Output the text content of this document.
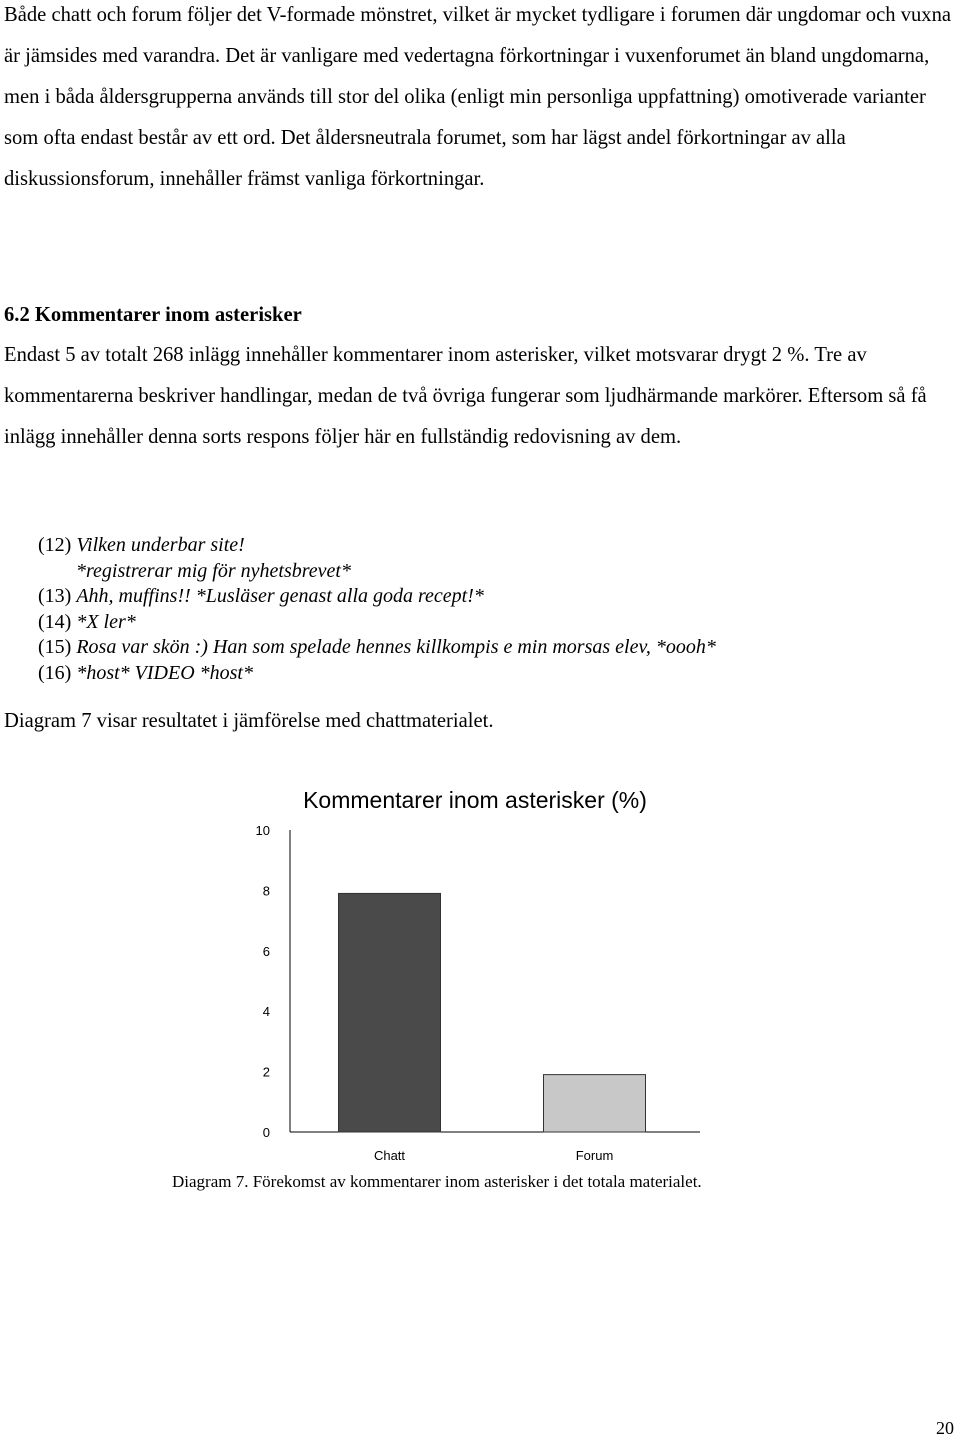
Både chatt och forum följer det V-formade mönstret, vilket är mycket tydligare i forumen där ungdomar och vuxna är jämsides med varandra. Det är vanligare med vedertagna förkortningar i vuxenforumet än bland ungdomarna, men i båda åldersgrupperna används till stor del olika (enligt min personliga uppfattning) omotiverade varianter som ofta endast består av ett ord. Det åldersneutrala forumet, som har lägst andel förkortningar av alla diskussionsforum, innehåller främst vanliga förkortningar.

6.2 Kommentarer inom asterisker

Endast 5 av totalt 268 inlägg innehåller kommentarer inom asterisker, vilket motsvarar drygt 2 %. Tre av kommentarerna beskriver handlingar, medan de två övriga fungerar som ljudhärmande markörer. Eftersom så få inlägg innehåller denna sorts respons följer här en fullständig redovisning av dem.

(12) Vilken underbar site!
*registrerar mig för nyhetsbrevet*
(13) Ahh, muffins!! *Lusläser genast alla goda recept!*
(14) *X ler*
(15) Rosa var skön :) Han som spelade hennes killkompis e min morsas elev, *oooh*
(16) *host* VIDEO *host*

Diagram 7 visar resultatet i jämförelse med chattmaterialet.

Kommentarer inom asterisker (%)
0
2
4
6
8
10
Chatt	Forum

Diagram 7. Förekomst av kommentarer inom asterisker i det totala materialet.

20
